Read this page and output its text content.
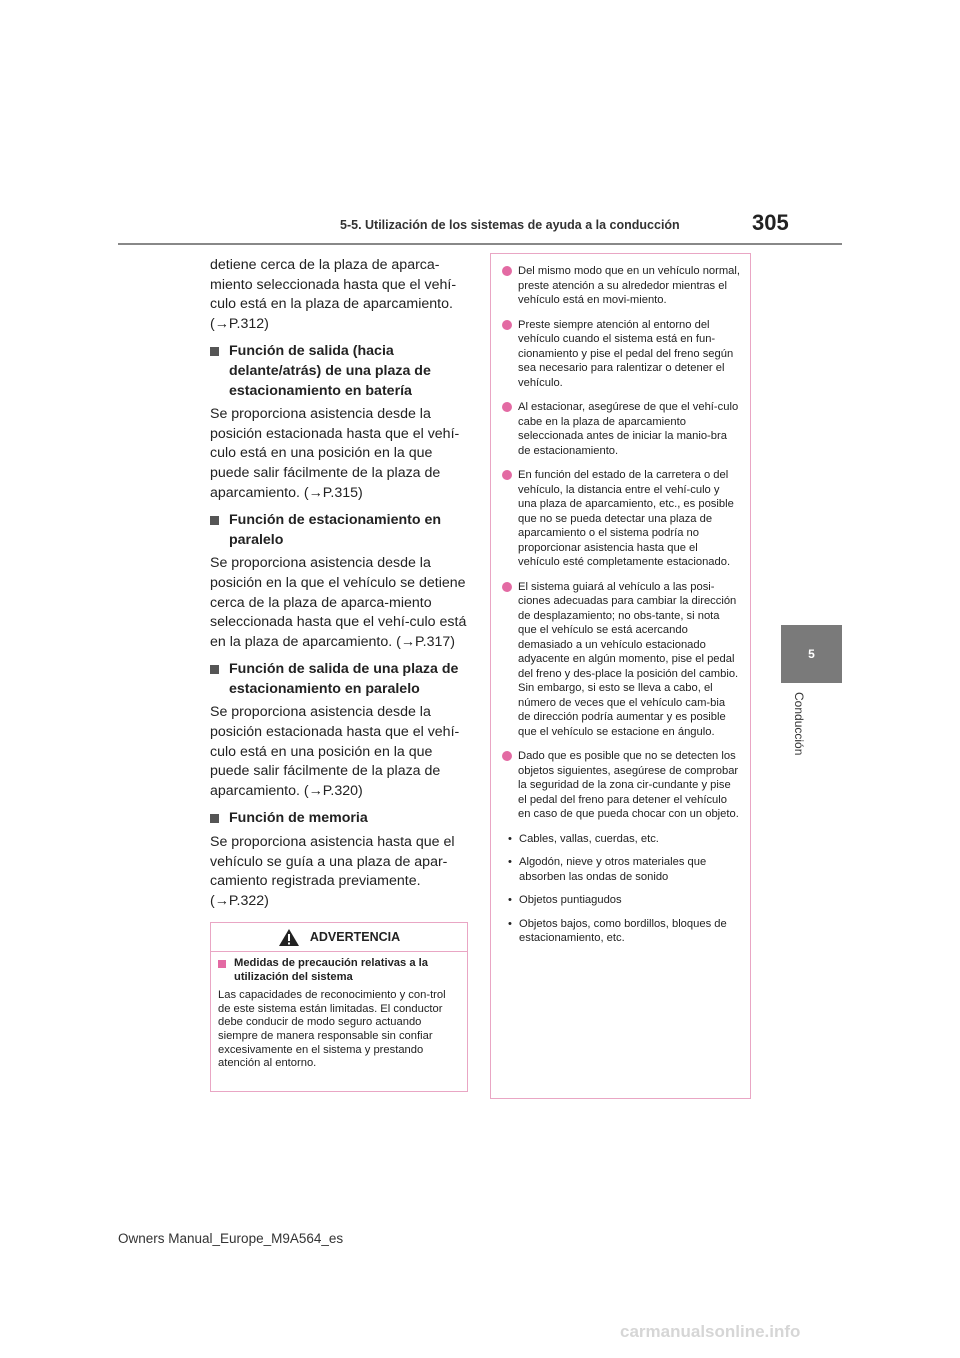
5-5. Utilización de los sistemas de ayuda a la conducción	305
5
Conducción

detiene cerca de la plaza de aparca-miento seleccionada hasta que el vehí-culo está en la plaza de aparcamiento. (→P.312)

Función de salida (hacia delante/atrás) de una plaza de estacionamiento en batería

Se proporciona asistencia desde la posición estacionada hasta que el vehí-culo está en una posición en la que puede salir fácilmente de la plaza de aparcamiento. (→P.315)

Función de estacionamiento en paralelo

Se proporciona asistencia desde la posición en la que el vehículo se detiene cerca de la plaza de aparca-miento seleccionada hasta que el vehí-culo está en la plaza de aparcamiento. (→P.317)

Función de salida de una plaza de estacionamiento en paralelo

Se proporciona asistencia desde la posición estacionada hasta que el vehí-culo está en una posición en la que puede salir fácilmente de la plaza de aparcamiento. (→P.320)

Función de memoria

Se proporciona asistencia hasta que el vehículo se guía a una plaza de apar-camiento registrada previamente. (→P.322)

ADVERTENCIA
Medidas de precaución relativas a la utilización del sistema
Las capacidades de reconocimiento y con-trol de este sistema están limitadas. El conductor debe conducir de modo seguro actuando siempre de manera responsable sin confiar excesivamente en el sistema y prestando atención al entorno.
Del mismo modo que en un vehículo normal, preste atención a su alrededor mientras el vehículo está en movi-miento.
Preste siempre atención al entorno del vehículo cuando el sistema está en fun-cionamiento y pise el pedal del freno según sea necesario para ralentizar o detener el vehículo.
Al estacionar, asegúrese de que el vehí-culo cabe en la plaza de aparcamiento seleccionada antes de iniciar la manio-bra de estacionamiento.
En función del estado de la carretera o del vehículo, la distancia entre el vehí-culo y una plaza de aparcamiento, etc., es posible que no se pueda detectar una plaza de aparcamiento o el sistema podría no proporcionar asistencia hasta que el vehículo esté completamente estacionado.
El sistema guiará al vehículo a las posi-ciones adecuadas para cambiar la dirección de desplazamiento; no obs-tante, si nota que el vehículo se está acercando demasiado a un vehículo estacionado adyacente en algún momento, pise el pedal del freno y des-place la posición del cambio. Sin embargo, si esto se lleva a cabo, el número de veces que el vehículo cam-bia de dirección podría aumentar y es posible que el vehículo se estacione en ángulo.
Dado que es posible que no se detecten los objetos siguientes, asegúrese de comprobar la seguridad de la zona cir-cundante y pise el pedal del freno para detener el vehículo en caso de que pueda chocar con un objeto.
• Cables, vallas, cuerdas, etc.
• Algodón, nieve y otros materiales que absorben las ondas de sonido
• Objetos puntiagudos
• Objetos bajos, como bordillos, bloques de estacionamiento, etc.
Owners Manual_Europe_M9A564_es
carmanualsonline.info
